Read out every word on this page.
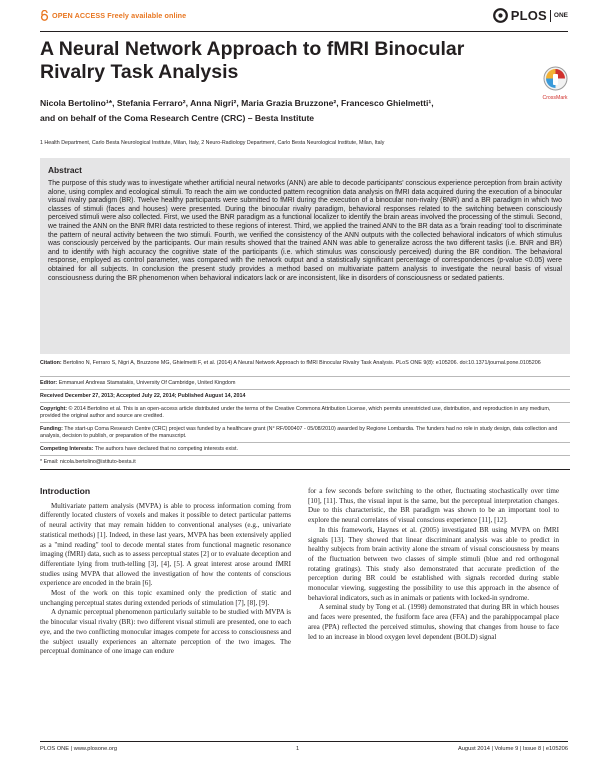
OPEN ACCESS Freely available online	PLOS ONE
A Neural Network Approach to fMRI Binocular Rivalry Task Analysis
CrossMark
Nicola Bertolino¹*, Stefania Ferraro², Anna Nigri², Maria Grazia Bruzzone², Francesco Ghielmetti¹,
and on behalf of the Coma Research Centre (CRC) – Besta Institute
1 Health Department, Carlo Besta Neurological Institute, Milan, Italy, 2 Neuro-Radiology Department, Carlo Besta Neurological Institute, Milan, Italy
Abstract
The purpose of this study was to investigate whether artificial neural networks (ANN) are able to decode participants' conscious experience perception from brain activity alone, using complex and ecological stimuli. To reach the aim we conducted pattern recognition data analysis on fMRI data acquired during the execution of a binocular visual rivalry paradigm (BR). Twelve healthy participants were submitted to fMRI during the execution of a binocular non-rivalry (BNR) and a BR paradigm in which two classes of stimuli (faces and houses) were presented. During the binocular rivalry paradigm, behavioral responses related to the switching between consciously perceived stimuli were also collected. First, we used the BNR paradigm as a functional localizer to identify the brain areas involved the processing of the stimuli. Second, we trained the ANN on the BNR fMRI data restricted to these regions of interest. Third, we applied the trained ANN to the BR data as a 'brain reading' tool to discriminate the pattern of neural activity between the two stimuli. Fourth, we verified the consistency of the ANN outputs with the collected behavioral indicators of which stimulus was consciously perceived by the participants. Our main results showed that the trained ANN was able to generalize across the two different tasks (i.e. BNR and BR) and to identify with high accuracy the cognitive state of the participants (i.e. which stimulus was consciously perceived) during the BR condition. The behavioral response, employed as control parameter, was compared with the network output and a statistically significant percentage of correspondences (p-value <0.05) were obtained for all subjects. In conclusion the present study provides a method based on multivariate pattern analysis to investigate the neural basis of visual consciousness during the BR phenomenon when behavioral indicators lack or are inconsistent, like in disorders of consciousness or sedated patients.
Citation: Bertolino N, Ferraro S, Nigri A, Bruzzone MG, Ghielmetti F, et al. (2014) A Neural Network Approach to fMRI Binocular Rivalry Task Analysis. PLoS ONE 9(8): e105206. doi:10.1371/journal.pone.0105206
Editor: Emmanuel Andreas Stamatakis, University Of Cambridge, United Kingdom
Received December 27, 2013; Accepted July 22, 2014; Published August 14, 2014
Copyright: © 2014 Bertolino et al. This is an open-access article distributed under the terms of the Creative Commons Attribution License, which permits unrestricted use, distribution, and reproduction in any medium, provided the original author and source are credited.
Funding: The start-up Coma Research Centre (CRC) project was funded by a healthcare grant (N° RF/000407 - 05/08/2010) awarded by Regione Lombardia. The funders had no role in study design, data collection and analysis, decision to publish, or preparation of the manuscript.
Competing Interests: The authors have declared that no competing interests exist.
* Email: nicola.bertolino@istituto-besta.it
Introduction

Multivariate pattern analysis (MVPA) is able to process information coming from differently located clusters of voxels and makes it possible to detect particular patterns of neural activity that may remain hidden to conventional analyses (e.g., univariate statistical methods) [1]. Indeed, in these last years, MVPA has been extensively applied as a "mind reading" tool to decode mental states from functional magnetic resonance imaging (fMRI) data, such as to assess perceptual states [2] or to evaluate deception and differentiate lying from truth-telling [3], [4], [5]. A great interest arose around fMRI studies using MVPA that allowed the investigation of how the contents of conscious experience are encoded in the brain [6].

Most of the work on this topic examined only the prediction of static and unchanging perceptual states during extended periods of stimulation [7], [8], [9].

A dynamic perceptual phenomenon particularly suitable to be studied with MVPA is the binocular visual rivalry (BR): two different visual stimuli are presented, one to each eye, and the two conflicting monocular images compete for access to consciousness and the subject usually experiences an alternate perception of the two images. The perceptual dominance of one image can endure

for a few seconds before switching to the other, fluctuating stochastically over time [10], [11]. Thus, the visual input is the same, but the perceptual interpretation changes. Due to this characteristic, the BR paradigm was shown to be an important tool to explore the neural correlates of visual conscious experience [11], [12].

In this framework, Haynes et al. (2005) investigated BR using MVPA on fMRI signals [13]. They showed that linear discriminant analysis was able to predict in healthy subjects from brain activity alone the stream of visual consciousness by means of the fluctuation between two classes of simple stimuli (blue and red orthogonal rotating gratings). This study also demonstrated that accurate prediction of the perception during BR could be established with signals recorded during stable monocular viewing, suggesting the possibility to use this approach in the absence of behavioral indicators, such as in animals or patients with locked-in syndrome.

A seminal study by Tong et al. (1998) demonstrated that during BR in which houses and faces were presented, the fusiform face area (FFA) and the parahippocampal place area (PPA) reflected the perceived stimulus, showing that changes from house to face led to an increase in blood oxygen level dependent (BOLD) signal

PLOS ONE | www.plosone.org	1	August 2014 | Volume 9 | Issue 8 | e105206
